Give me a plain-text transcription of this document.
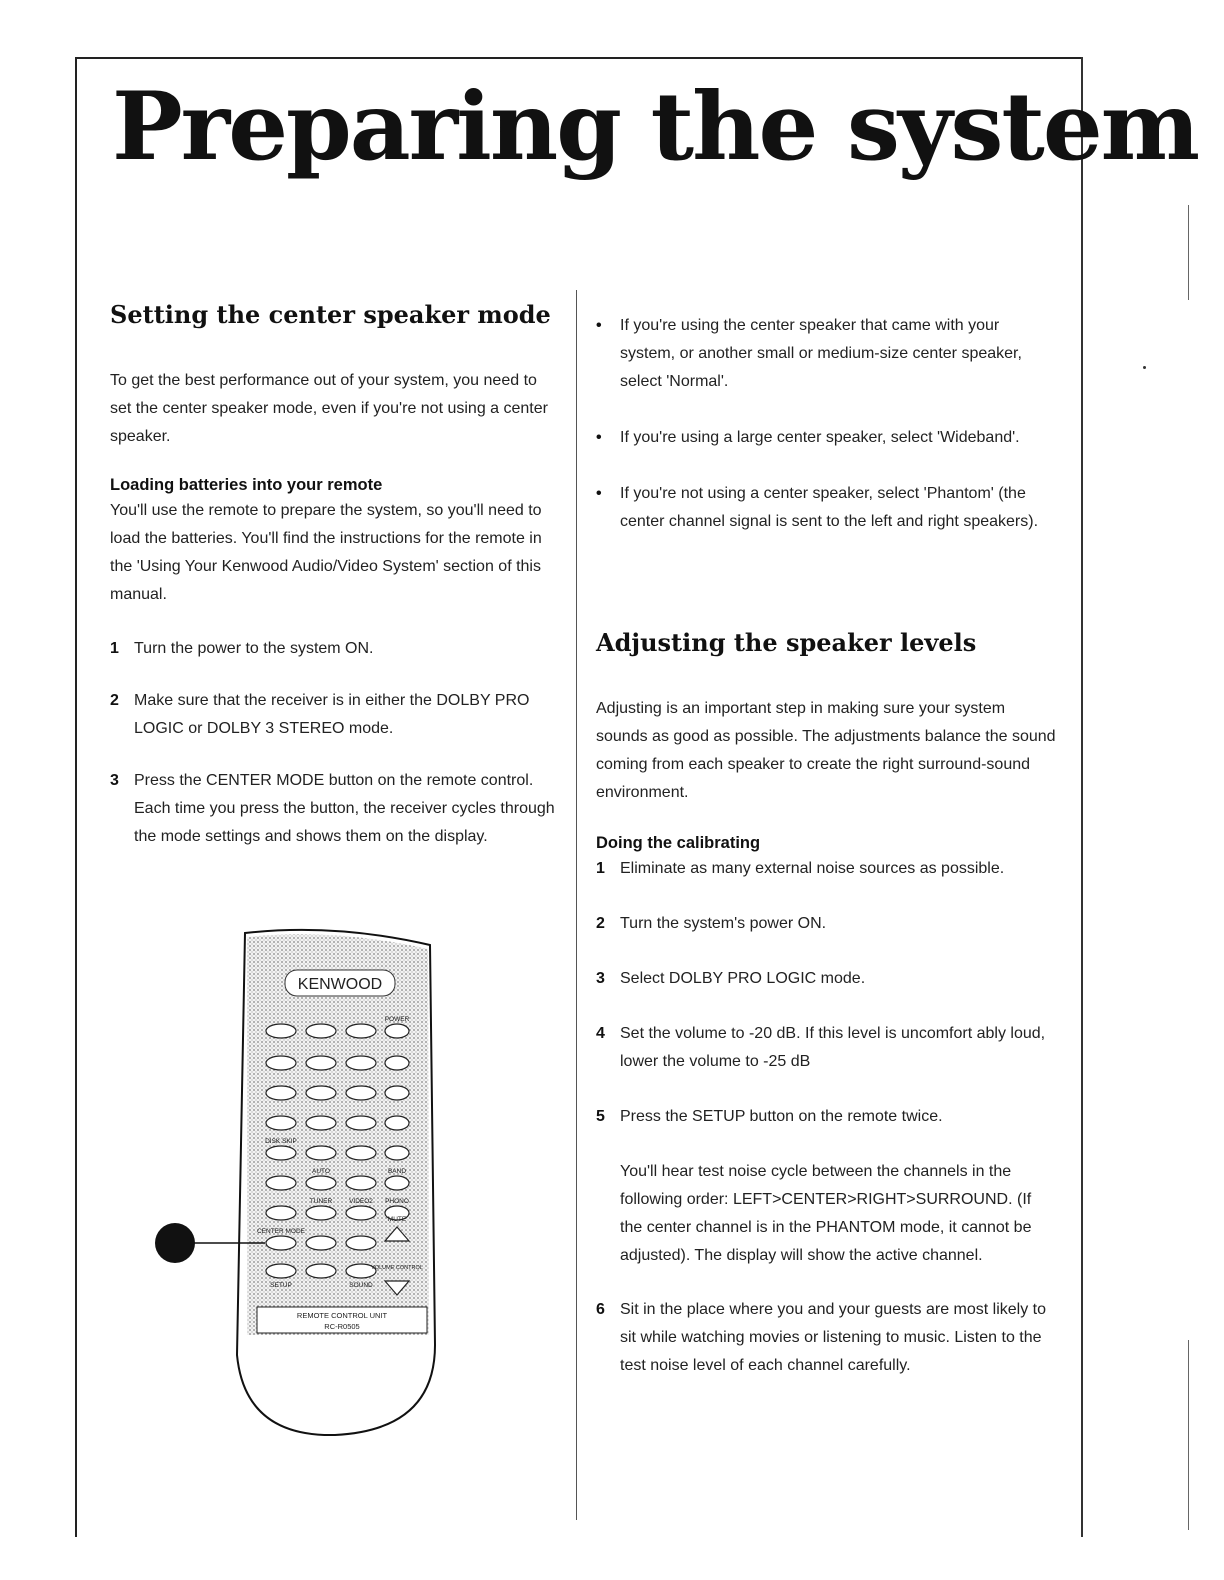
Preparing the system
Setting the center speaker mode

To get the best performance out of your system, you need to set the center speaker mode, even if you're not using a center speaker.

Loading batteries into your remote

You'll use the remote to prepare the system, so you'll need to load the batteries. You'll find the instructions for the remote in the 'Using Your Kenwood Audio/Video System' section of this manual.

1 Turn the power to the system ON.
2 Make sure that the receiver is in either the DOLBY PRO LOGIC or DOLBY 3 STEREO mode.
3 Press the CENTER MODE button on the remote control. Each time you press the button, the receiver cycles through the mode settings and shows them on the display.
KENWOOD
POWER
DISK SKIP
AUTO	BAND
TUNER	VIDEO2 PHONO
MUTE
CENTER MODE
SETUP	SOUND
VOLUME CONTROL
REMOTE CONTROL UNIT
RC-R0505
•	If you're using the center speaker that came with your system, or another small or medium-size center speaker, select 'Normal'.
•	If you're using a large center speaker, select 'Wideband'.
•	If you're not using a center speaker, select 'Phantom' (the center channel signal is sent to the left and right speakers).
Adjusting the speaker levels

Adjusting is an important step in making sure your system sounds as good as possible. The adjustments balance the sound coming from each speaker to create the right surround-sound environment.

Doing the calibrating
1 Eliminate as many external noise sources as possible.
2 Turn the system's power ON.
3 Select DOLBY PRO LOGIC mode.
4 Set the volume to -20 dB. If this level is uncomfort ably loud, lower the volume to -25 dB
5 Press the SETUP button on the remote twice.

You'll hear test noise cycle between the channels in the following order: LEFT>CENTER>RIGHT>SURROUND. (If the center channel is in the PHANTOM mode, it cannot be adjusted). The display will show the active channel.

6 Sit in the place where you and your guests are most likely to sit while watching movies or listening to music. Listen to the test noise level of each channel carefully.
